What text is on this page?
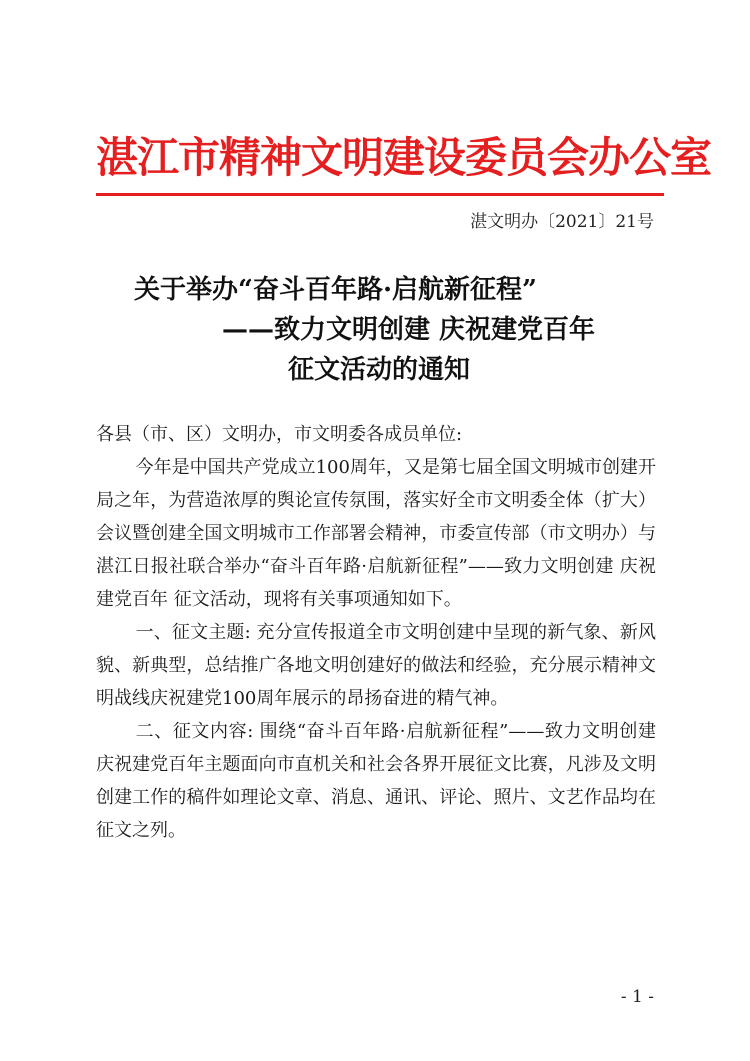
湛江市精神文明建设委员会办公室
湛文明办〔2021〕21号
关于举办“奋斗百年路·启航新征程”
——致力文明创建 庆祝建党百年
征文活动的通知

各县（市、区）文明办，市文明委各成员单位:

今年是中国共产党成立100周年，又是第七届全国文明城市创建开局之年，为营造浓厚的舆论宣传氛围，落实好全市文明委全体（扩大）会议暨创建全国文明城市工作部署会精神，市委宣传部（市文明办）与湛江日报社联合举办“奋斗百年路·启航新征程”——致力文明创建 庆祝建党百年 征文活动，现将有关事项通知如下。

一、征文主题: 充分宣传报道全市文明创建中呈现的新气象、新风貌、新典型，总结推广各地文明创建好的做法和经验，充分展示精神文明战线庆祝建党100周年展示的昂扬奋进的精气神。

二、征文内容: 围绕“奋斗百年路·启航新征程”——致力文明创建 庆祝建党百年主题面向市直机关和社会各界开展征文比赛，凡涉及文明创建工作的稿件如理论文章、消息、通讯、评论、照片、文艺作品均在征文之列。

- 1 -
